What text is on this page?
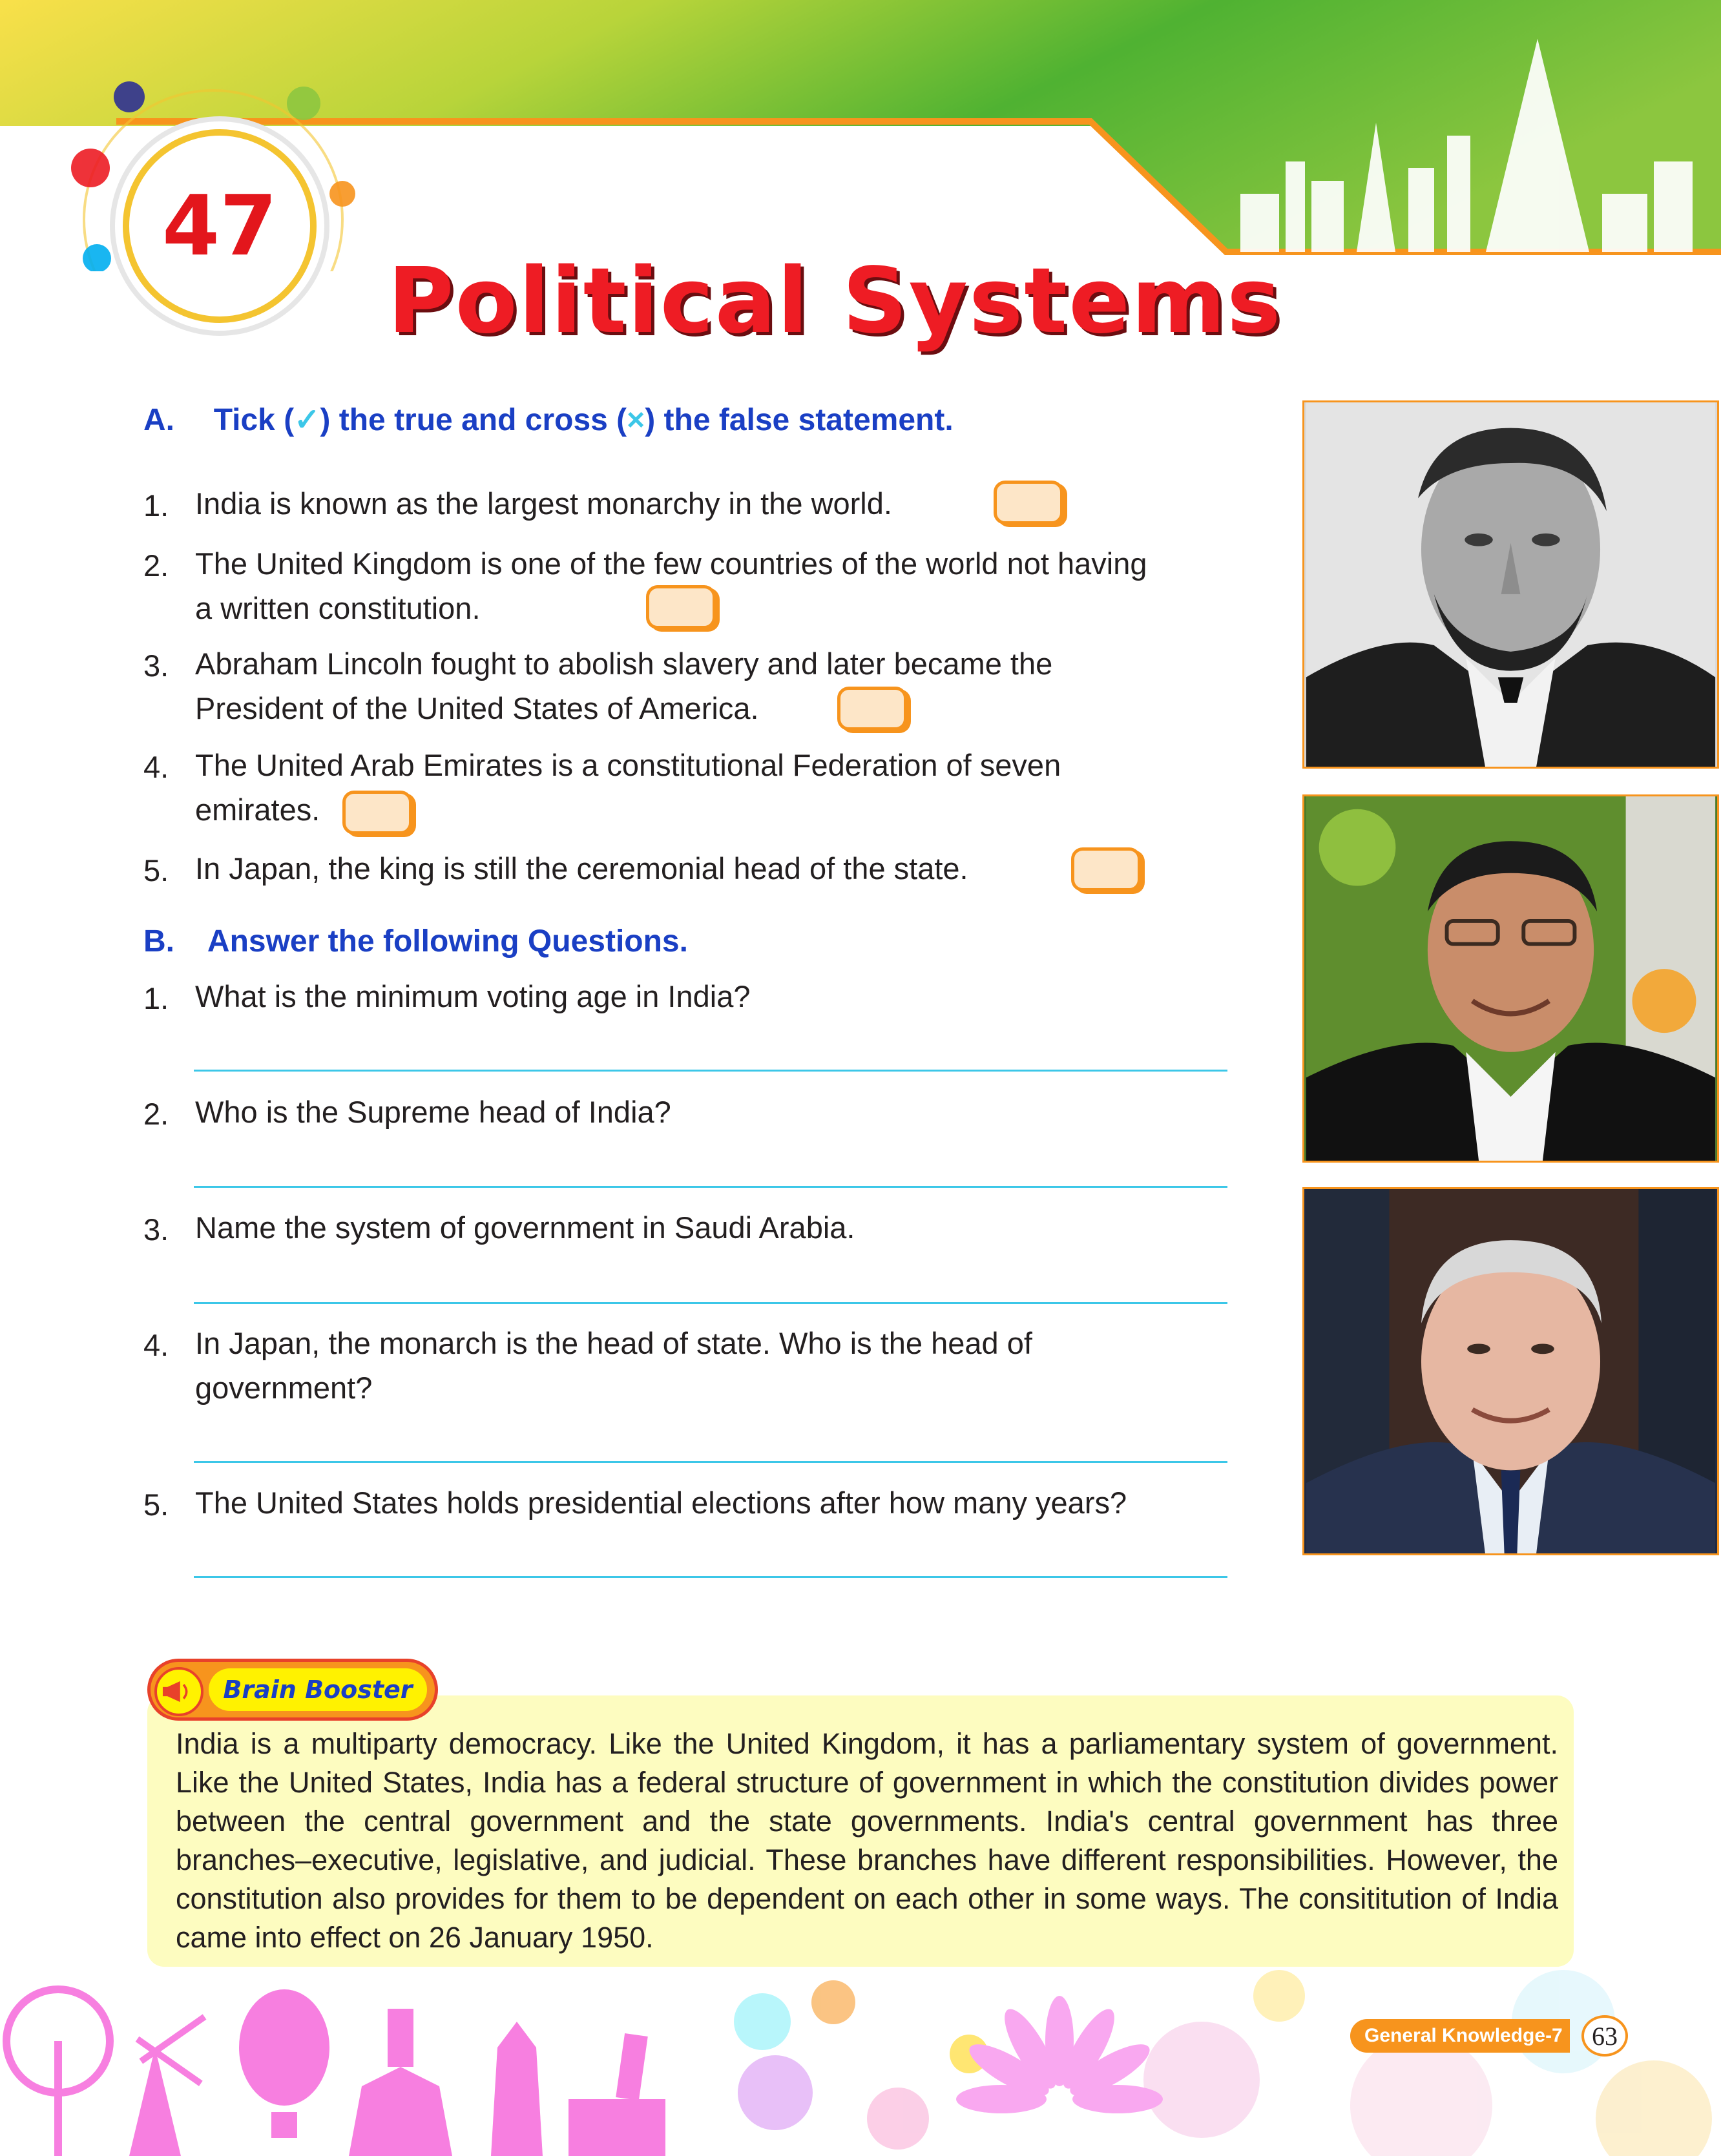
47
Political Systems
A. Tick (✓) the true and cross (×) the false statement.
1. India is known as the largest monarchy in the world.
2. The United Kingdom is one of the few countries of the world not having
a written constitution.
3. Abraham Lincoln fought to abolish slavery and later became the
President of the United States of America.
4. The United Arab Emirates is a constitutional Federation of seven
emirates.
5. In Japan, the king is still the ceremonial head of the state.
B. Answer the following Questions.
1. What is the minimum voting age in India?
2. Who is the Supreme head of India?
3. Name the system of government in Saudi Arabia.
4. In Japan, the monarch is the head of state. Who is the head of
government?
5. The United States holds presidential elections after how many years?
Brain Booster
India is a multiparty democracy. Like the United Kingdom, it has a parliamentary system of government. Like the United States, India has a federal structure of government in which the constitution divides power between the central government and the state governments. India's central government has three branches–executive, legislative, and judicial. These branches have different responsibilities. However, the constitution also provides for them to be dependent on each other in some ways. The consititution of India came into effect on 26 January 1950.
General Knowledge-7	63
